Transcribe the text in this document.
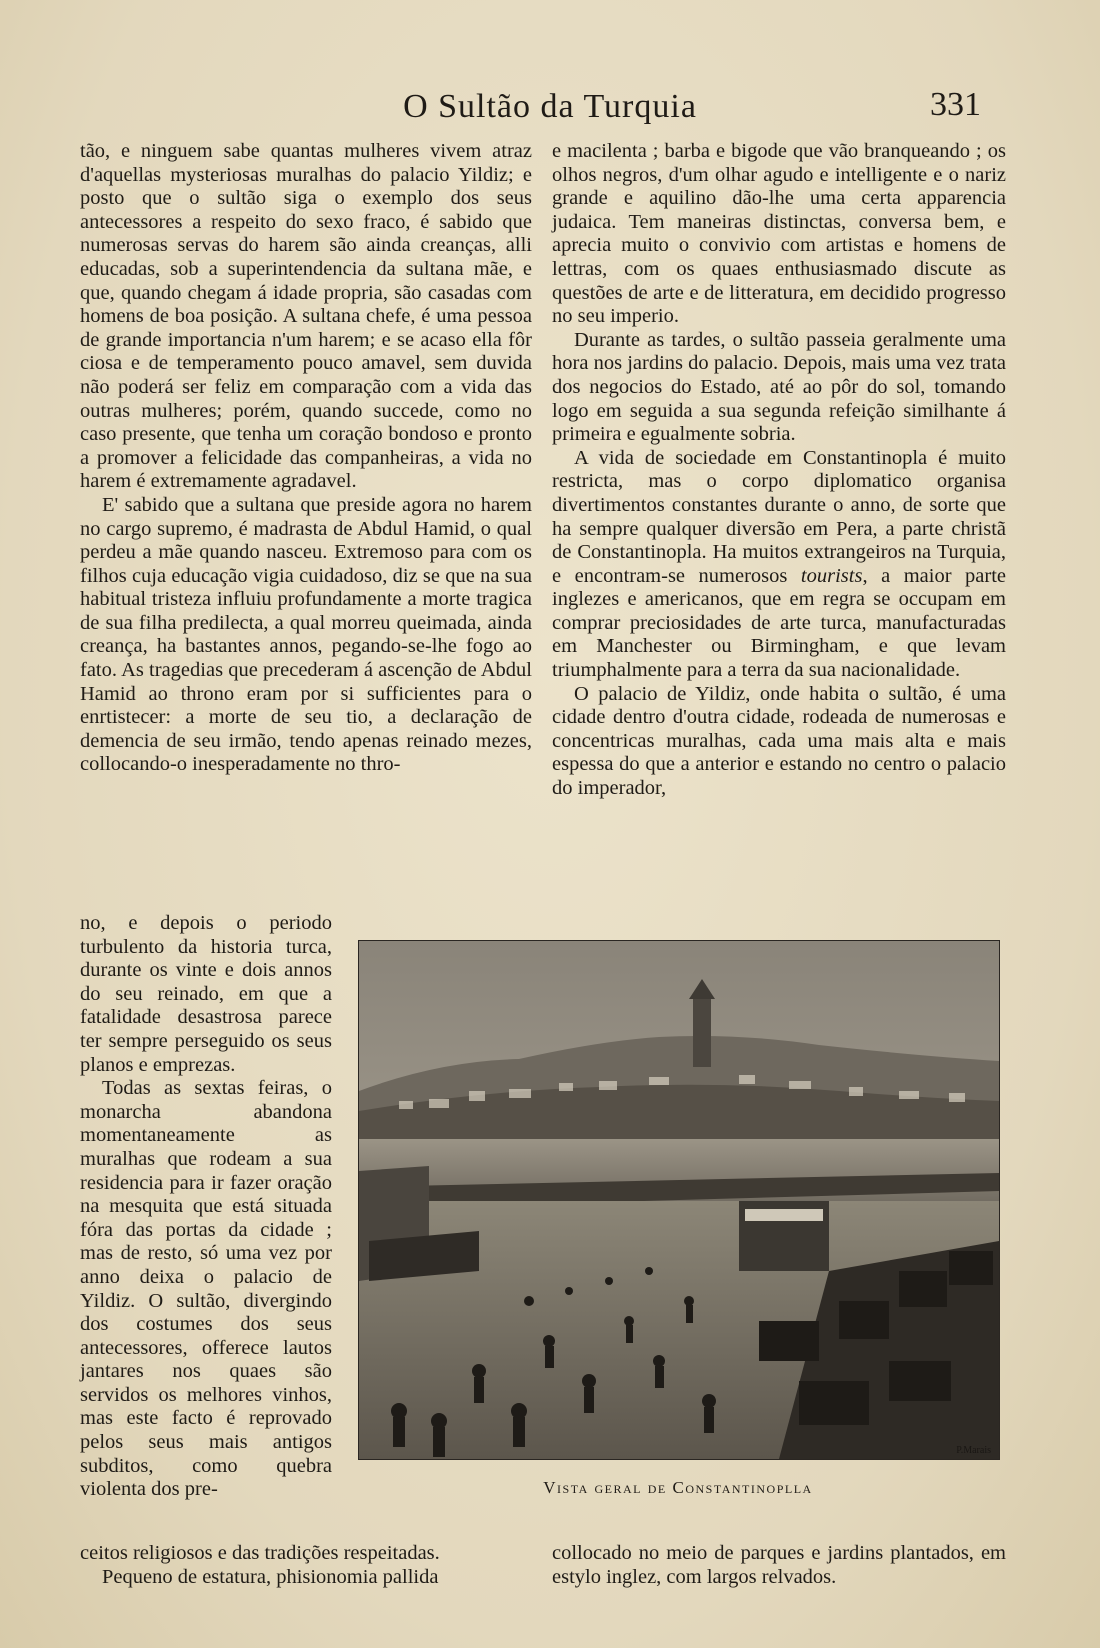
O Sultão da Turquia	331

tão, e ninguem sabe quantas mulheres vivem atraz d'aquellas mysteriosas muralhas do palacio Yildiz; e posto que o sultão siga o exemplo dos seus antecessores a respeito do sexo fraco, é sabido que numerosas servas do harem são ainda creanças, alli educadas, sob a superintendencia da sultana mãe, e que, quando chegam á idade propria, são casadas com homens de boa posição. A sultana chefe, é uma pessoa de grande importancia n'um harem; e se acaso ella fôr ciosa e de temperamento pouco amavel, sem duvida não poderá ser feliz em comparação com a vida das outras mulheres; porém, quando succede, como no caso presente, que tenha um coração bondoso e pronto a promover a felicidade das companheiras, a vida no harem é extremamente agradavel.

E' sabido que a sultana que preside agora no harem no cargo supremo, é madrasta de Abdul Hamid, o qual perdeu a mãe quando nasceu. Extremoso para com os filhos cuja educação vigia cuidadoso, diz se que na sua habitual tristeza influiu profundamente a morte tragica de sua filha predilecta, a qual morreu queimada, ainda creança, ha bastantes annos, pegando-se-lhe fogo ao fato. As tragedias que precederam á ascenção de Abdul Hamid ao throno eram por si sufficientes para o enrtistecer: a morte de seu tio, a declaração de demencia de seu irmão, tendo apenas reinado mezes, collocando-o inesperadamente no thro-

e macilenta ; barba e bigode que vão branqueando ; os olhos negros, d'um olhar agudo e intelligente e o nariz grande e aquilino dão-lhe uma certa apparencia judaica. Tem maneiras distinctas, conversa bem, e aprecia muito o convivio com artistas e homens de lettras, com os quaes enthusiasmado discute as questões de arte e de litteratura, em decidido progresso no seu imperio.

Durante as tardes, o sultão passeia geralmente uma hora nos jardins do palacio. Depois, mais uma vez trata dos negocios do Estado, até ao pôr do sol, tomando logo em seguida a sua segunda refeição similhante á primeira e egualmente sobria.

A vida de sociedade em Constantinopla é muito restricta, mas o corpo diplomatico organisa divertimentos constantes durante o anno, de sorte que ha sempre qualquer diversão em Pera, a parte christã de Constantinopla. Ha muitos extrangeiros na Turquia, e encontram-se numerosos tourists, a maior parte inglezes e americanos, que em regra se occupam em comprar preciosidades de arte turca, manufacturadas em Manchester ou Birmingham, e que levam triumphalmente para a terra da sua nacionalidade.

O palacio de Yildiz, onde habita o sultão, é uma cidade dentro d'outra cidade, rodeada de numerosas e concentricas muralhas, cada uma mais alta e mais espessa do que a anterior e estando no centro o palacio do imperador,

no, e depois o periodo turbulento da historia turca, durante os vinte e dois annos do seu reinado, em que a fatalidade desastrosa parece ter sempre perseguido os seus planos e emprezas.

Todas as sextas feiras, o monarcha abandona momentaneamente as muralhas que rodeam a sua residencia para ir fazer oração na mesquita que está situada fóra das portas da cidade ; mas de resto, só uma vez por anno deixa o palacio de Yildiz. O sultão, divergindo dos costumes dos seus antecessores, offerece lautos jantares nos quaes são servidos os melhores vinhos, mas este facto é reprovado pelos seus mais antigos subditos, como quebra violenta dos pre-

P.Marais
Vista geral de Constantinoplla

ceitos religiosos e das tradições respeitadas.

Pequeno de estatura, phisionomia pallida

collocado no meio de parques e jardins plantados, em estylo inglez, com largos relvados.
